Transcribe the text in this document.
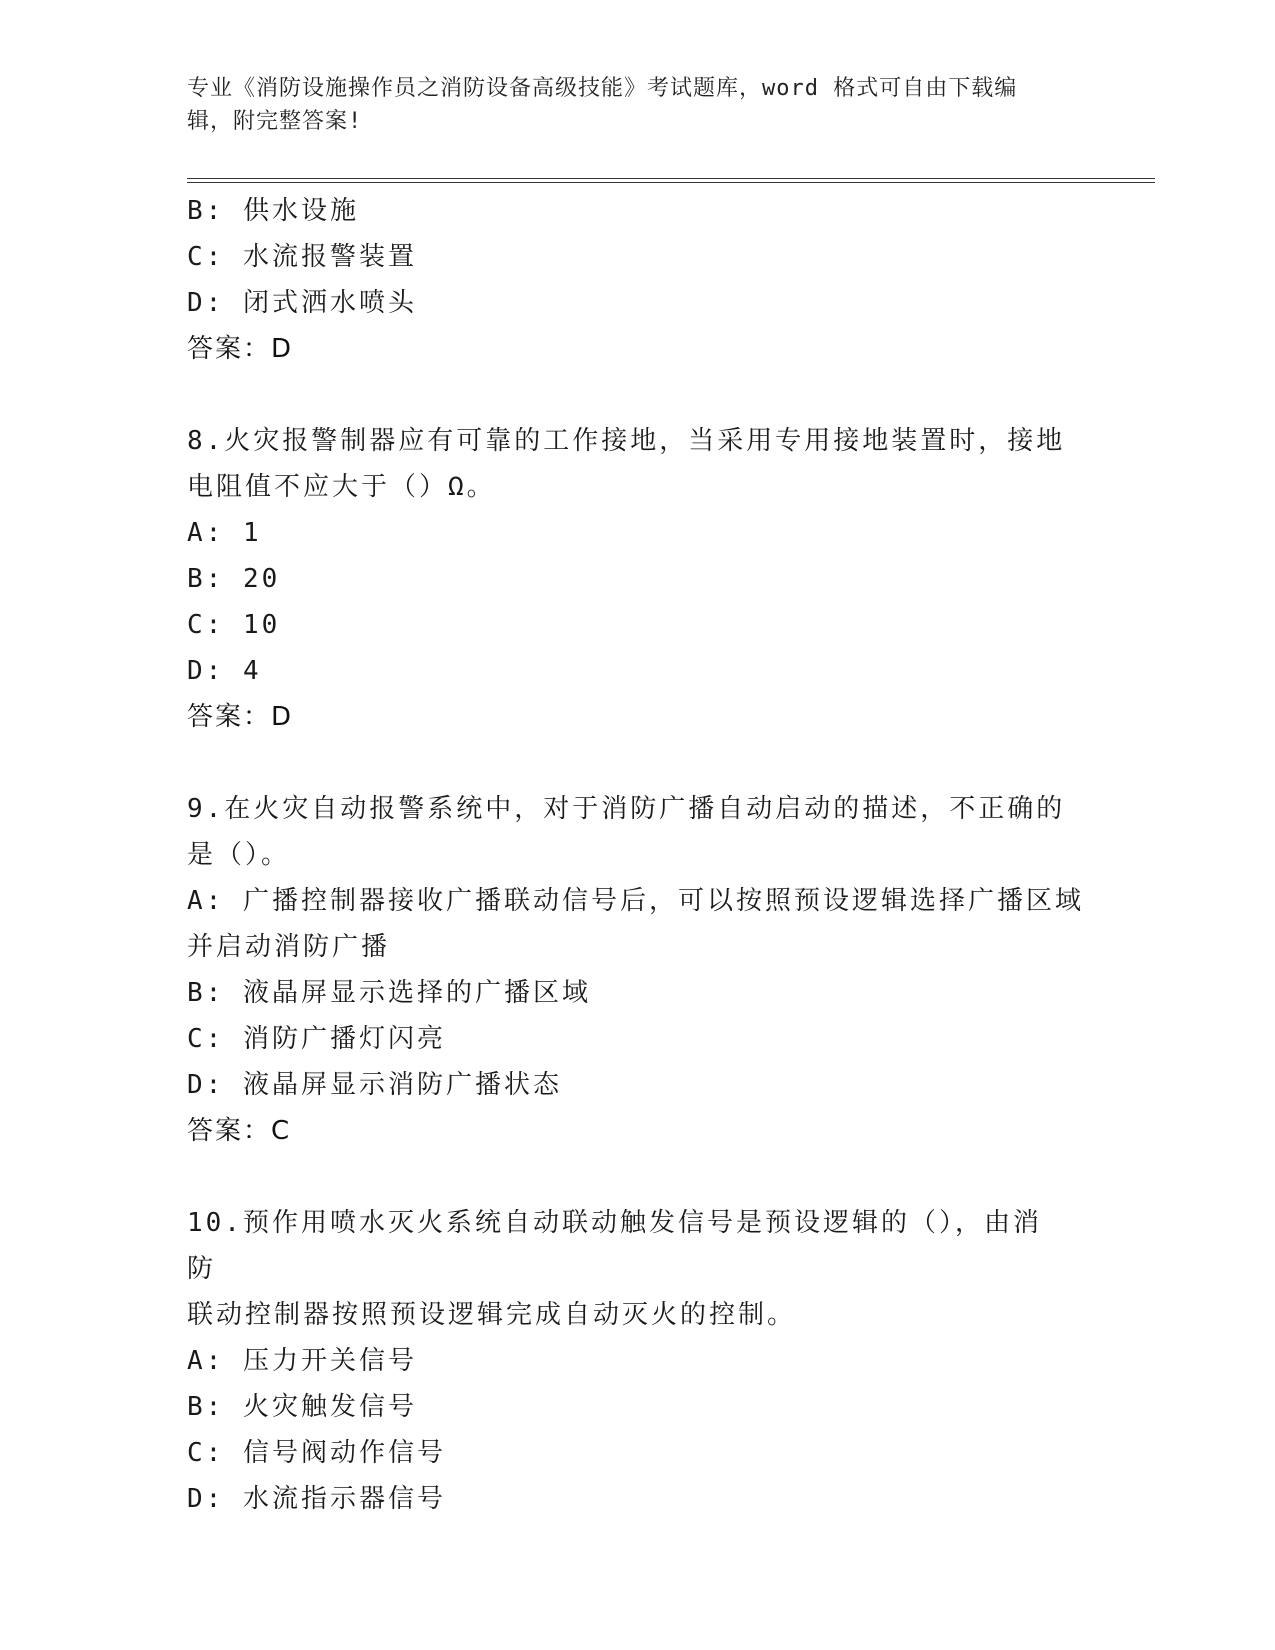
专业《消防设施操作员之消防设备高级技能》考试题库，word 格式可自由下载编
辑，附完整答案!
B: 供水设施
C: 水流报警装置
D: 闭式洒水喷头
答案：D
8.火灾报警制器应有可靠的工作接地，当采用专用接地装置时，接地
电阻值不应大于（）Ω。
A: 1
B: 20
C: 10
D: 4
答案：D
9.在火灾自动报警系统中，对于消防广播自动启动的描述，不正确的
是（）。
A: 广播控制器接收广播联动信号后，可以按照预设逻辑选择广播区域
并启动消防广播
B: 液晶屏显示选择的广播区域
C: 消防广播灯闪亮
D: 液晶屏显示消防广播状态
答案：C
10.预作用喷水灭火系统自动联动触发信号是预设逻辑的（），由消防
联动控制器按照预设逻辑完成自动灭火的控制。
A: 压力开关信号
B: 火灾触发信号
C: 信号阀动作信号
D: 水流指示器信号
